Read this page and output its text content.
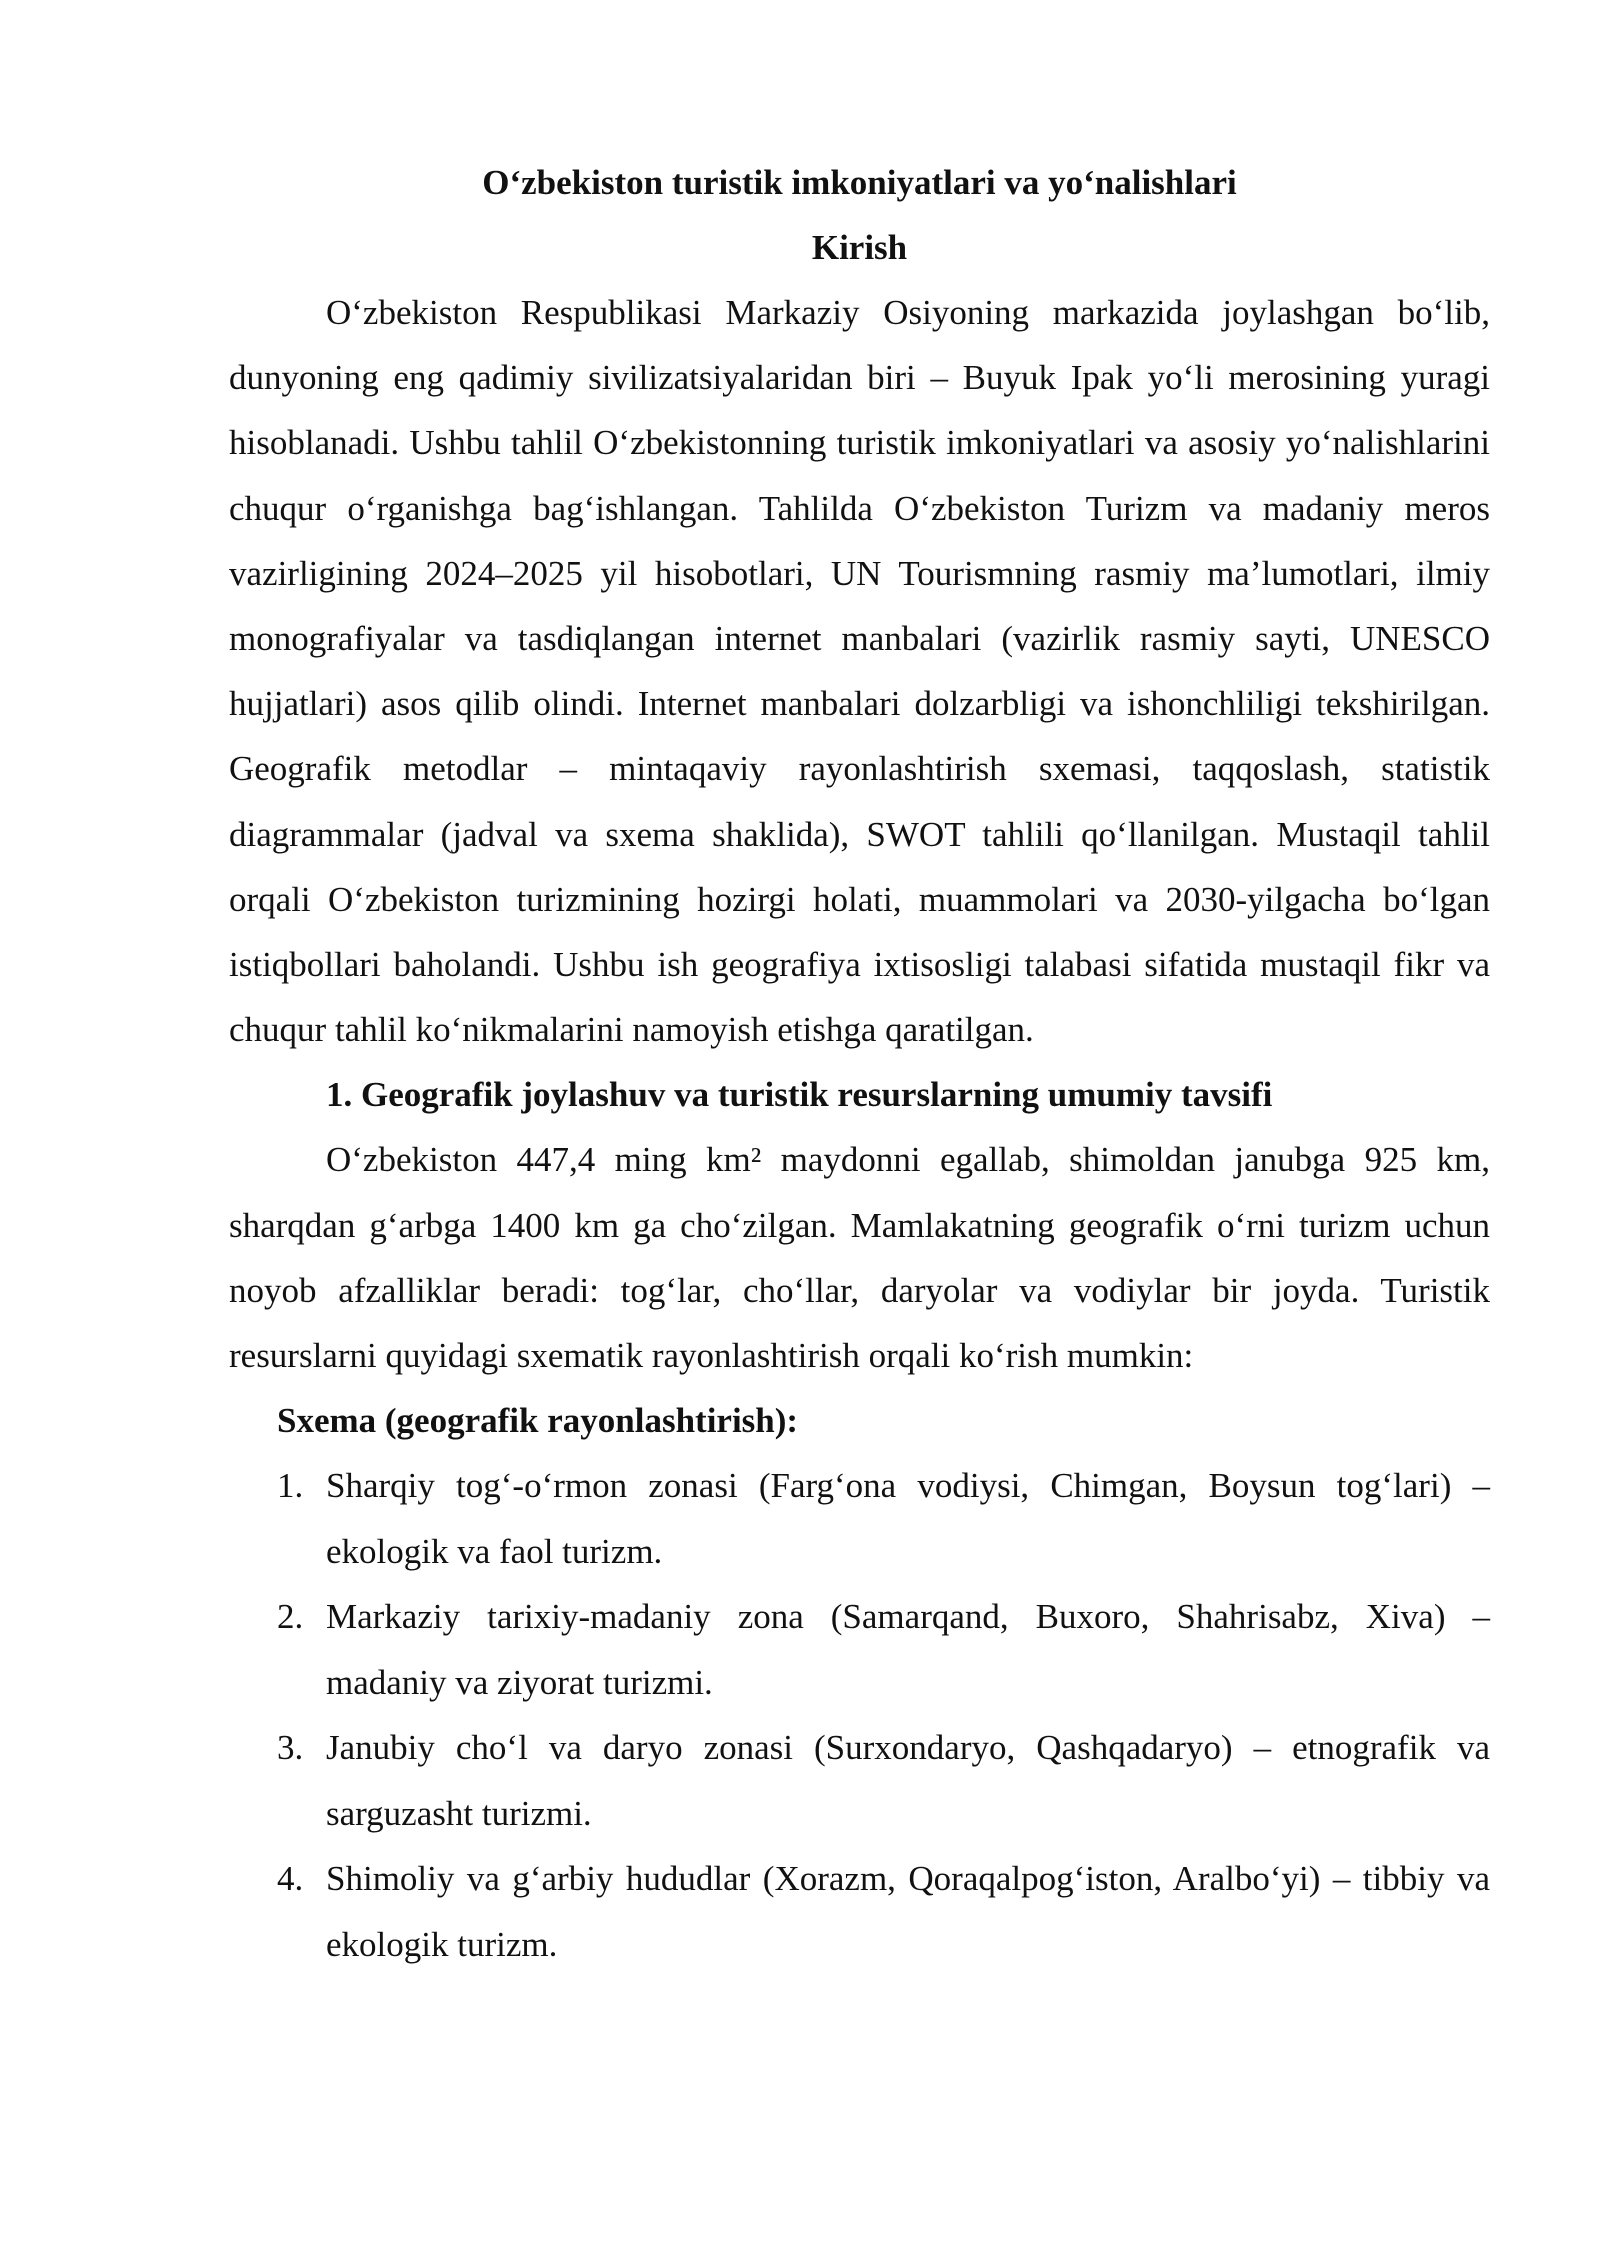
O‘zbekiston turistik imkoniyatlari va yo‘nalishlari
Kirish

O‘zbekiston Respublikasi Markaziy Osiyoning markazida joylashgan bo‘lib, dunyoning eng qadimiy sivilizatsiyalaridan biri – Buyuk Ipak yo‘li merosining yuragi hisoblanadi. Ushbu tahlil O‘zbekistonning turistik imkoniyatlari va asosiy yo‘nalishlarini chuqur o‘rganishga bag‘ishlangan. Tahlilda O‘zbekiston Turizm va madaniy meros vazirligining 2024–2025 yil hisobotlari, UN Tourismning rasmiy ma’lumotlari, ilmiy monografiyalar va tasdiqlangan internet manbalari (vazirlik rasmiy sayti, UNESCO hujjatlari) asos qilib olindi. Internet manbalari dolzarbligi va ishonchliligi tekshirilgan. Geografik metodlar – mintaqaviy rayonlashtirish sxemasi, taqqoslash, statistik diagrammalar (jadval va sxema shaklida), SWOT tahlili qo‘llanilgan. Mustaqil tahlil orqali O‘zbekiston turizmining hozirgi holati, muammolari va 2030-yilgacha bo‘lgan istiqbollari baholandi. Ushbu ish geografiya ixtisosligi talabasi sifatida mustaqil fikr va chuqur tahlil ko‘nikmalarini namoyish etishga qaratilgan.

1. Geografik joylashuv va turistik resurslarning umumiy tavsifi

O‘zbekiston 447,4 ming km² maydonni egallab, shimoldan janubga 925 km, sharqdan g‘arbga 1400 km ga cho‘zilgan. Mamlakatning geografik o‘rni turizm uchun noyob afzalliklar beradi: tog‘lar, cho‘llar, daryolar va vodiylar bir joyda. Turistik resurslarni quyidagi sxematik rayonlashtirish orqali ko‘rish mumkin:

Sxema (geografik rayonlashtirish):
1. Sharqiy tog‘-o‘rmon zonasi (Farg‘ona vodiysi, Chimgan, Boysun tog‘lari) – ekologik va faol turizm.
2. Markaziy tarixiy-madaniy zona (Samarqand, Buxoro, Shahrisabz, Xiva) – madaniy va ziyorat turizmi.
3. Janubiy cho‘l va daryo zonasi (Surxondaryo, Qashqadaryo) – etnografik va sarguzasht turizmi.
4. Shimoliy va g‘arbiy hududlar (Xorazm, Qoraqalpog‘iston, Aralbo‘yi) – tibbiy va ekologik turizm.
